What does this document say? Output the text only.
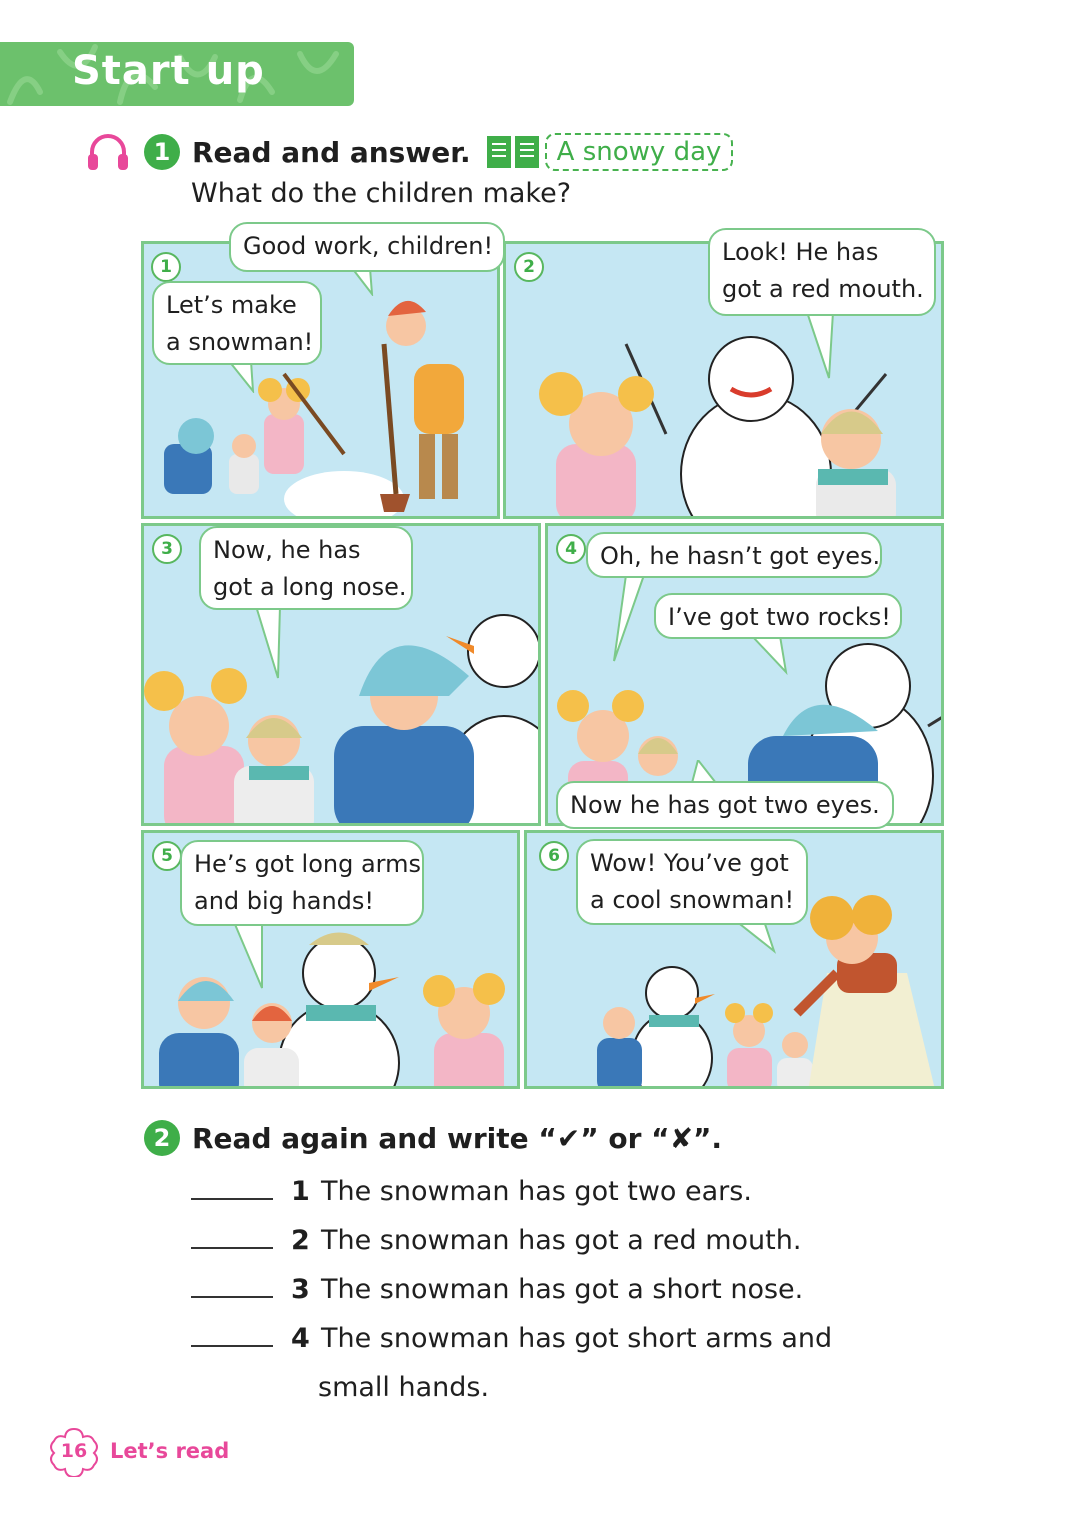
Start up
1 Read and answer.	A snowy day
What do the children make?
1
Good work, children!
Let’s make
a snowman!
2
Look! He has
got a red mouth.
3	Now, he has
got a long nose.
4 Oh, he hasn’t got eyes.
I’ve got two rocks!
Now he has got two eyes.
5 He’s got long arms
and big hands!
6	Wow! You’ve got
a cool snowman!
2 Read again and write “✔” or “✘”.
1 The snowman has got two ears.
2 The snowman has got a red mouth.
3 The snowman has got a short nose.
4 The snowman has got short arms and
small hands.
16	Let’s read
